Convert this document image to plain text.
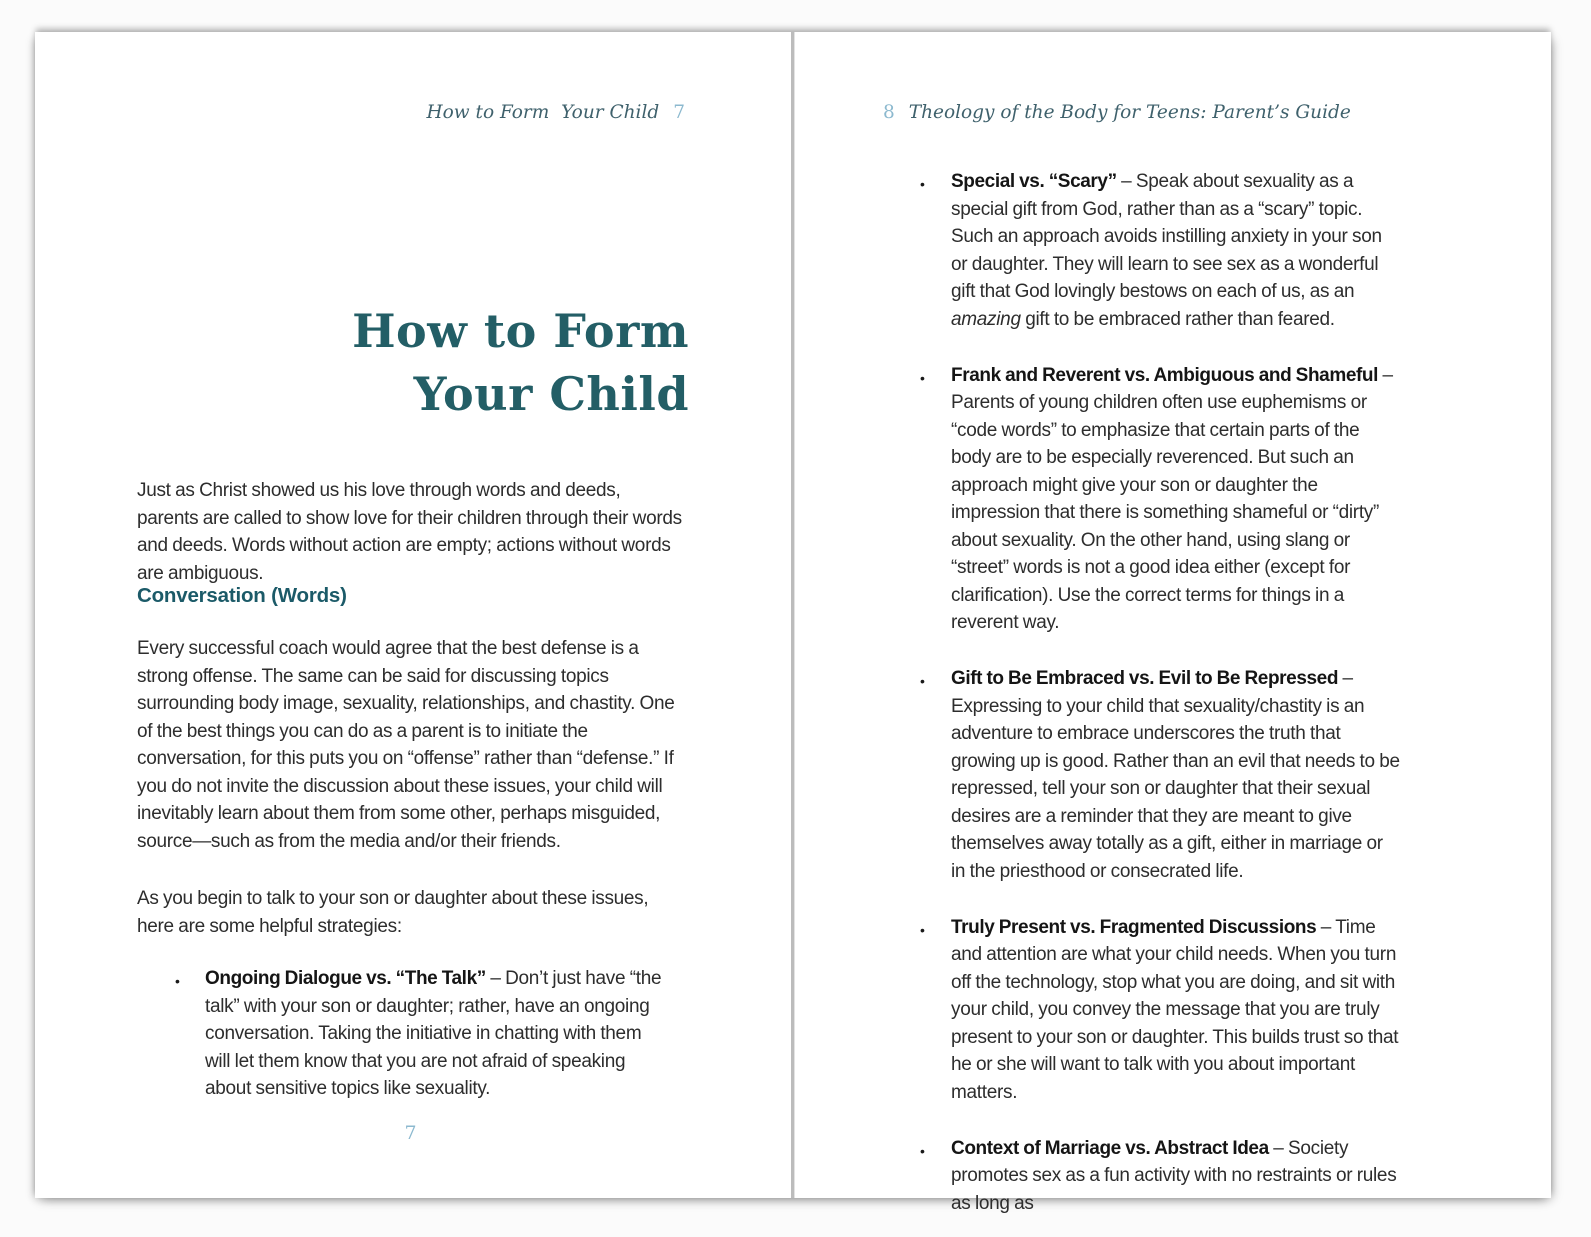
How to Form  Your Child 7
How to Form
Your Child

Just as Christ showed us his love through words and deeds, parents are called to show love for their children through their words and deeds. Words without action are empty; actions without words are ambiguous.

Conversation (Words)

Every successful coach would agree that the best defense is a strong offense. The same can be said for discussing topics surrounding body image, sexuality, relationships, and chastity. One of the best things you can do as a parent is to initiate the conversation, for this puts you on “offense” rather than “defense.” If you do not invite the discussion about these issues, your child will inevitably learn about them from some other, perhaps misguided, source—such as from the media and/or their friends.

As you begin to talk to your son or daughter about these issues, here are some helpful strategies:

• Ongoing Dialogue vs. “The Talk” – Don’t just have “the talk” with your son or daughter; rather, have an ongoing conversation. Taking the initiative in chatting with them will let them know that you are not afraid of speaking about sensitive topics like sexuality.

7

8 Theology of the Body for Teens: Parent’s Guide
• Special vs. “Scary” – Speak about sexuality as a special gift from God, rather than as a “scary” topic. Such an approach avoids instilling anxiety in your son or daughter. They will learn to see sex as a wonderful gift that God lovingly bestows on each of us, as an amazing gift to be embraced rather than feared.
• Frank and Reverent vs. Ambiguous and Shameful – Parents of young children often use euphemisms or “code words” to emphasize that certain parts of the body are to be especially reverenced. But such an approach might give your son or daughter the impression that there is something shameful or “dirty” about sexuality. On the other hand, using slang or “street” words is not a good idea either (except for clarification). Use the correct terms for things in a reverent way.
• Gift to Be Embraced vs. Evil to Be Repressed – Expressing to your child that sexuality/chastity is an adventure to embrace underscores the truth that growing up is good. Rather than an evil that needs to be repressed, tell your son or daughter that their sexual desires are a reminder that they are meant to give themselves away totally as a gift, either in marriage or in the priesthood or consecrated life.
• Truly Present vs. Fragmented Discussions – Time and attention are what your child needs. When you turn off the technology, stop what you are doing, and sit with your child, you convey the message that you are truly present to your son or daughter. This builds trust so that he or she will want to talk with you about important matters.
• Context of Marriage vs. Abstract Idea – Society promotes sex as a fun activity with no restraints or rules as long as
